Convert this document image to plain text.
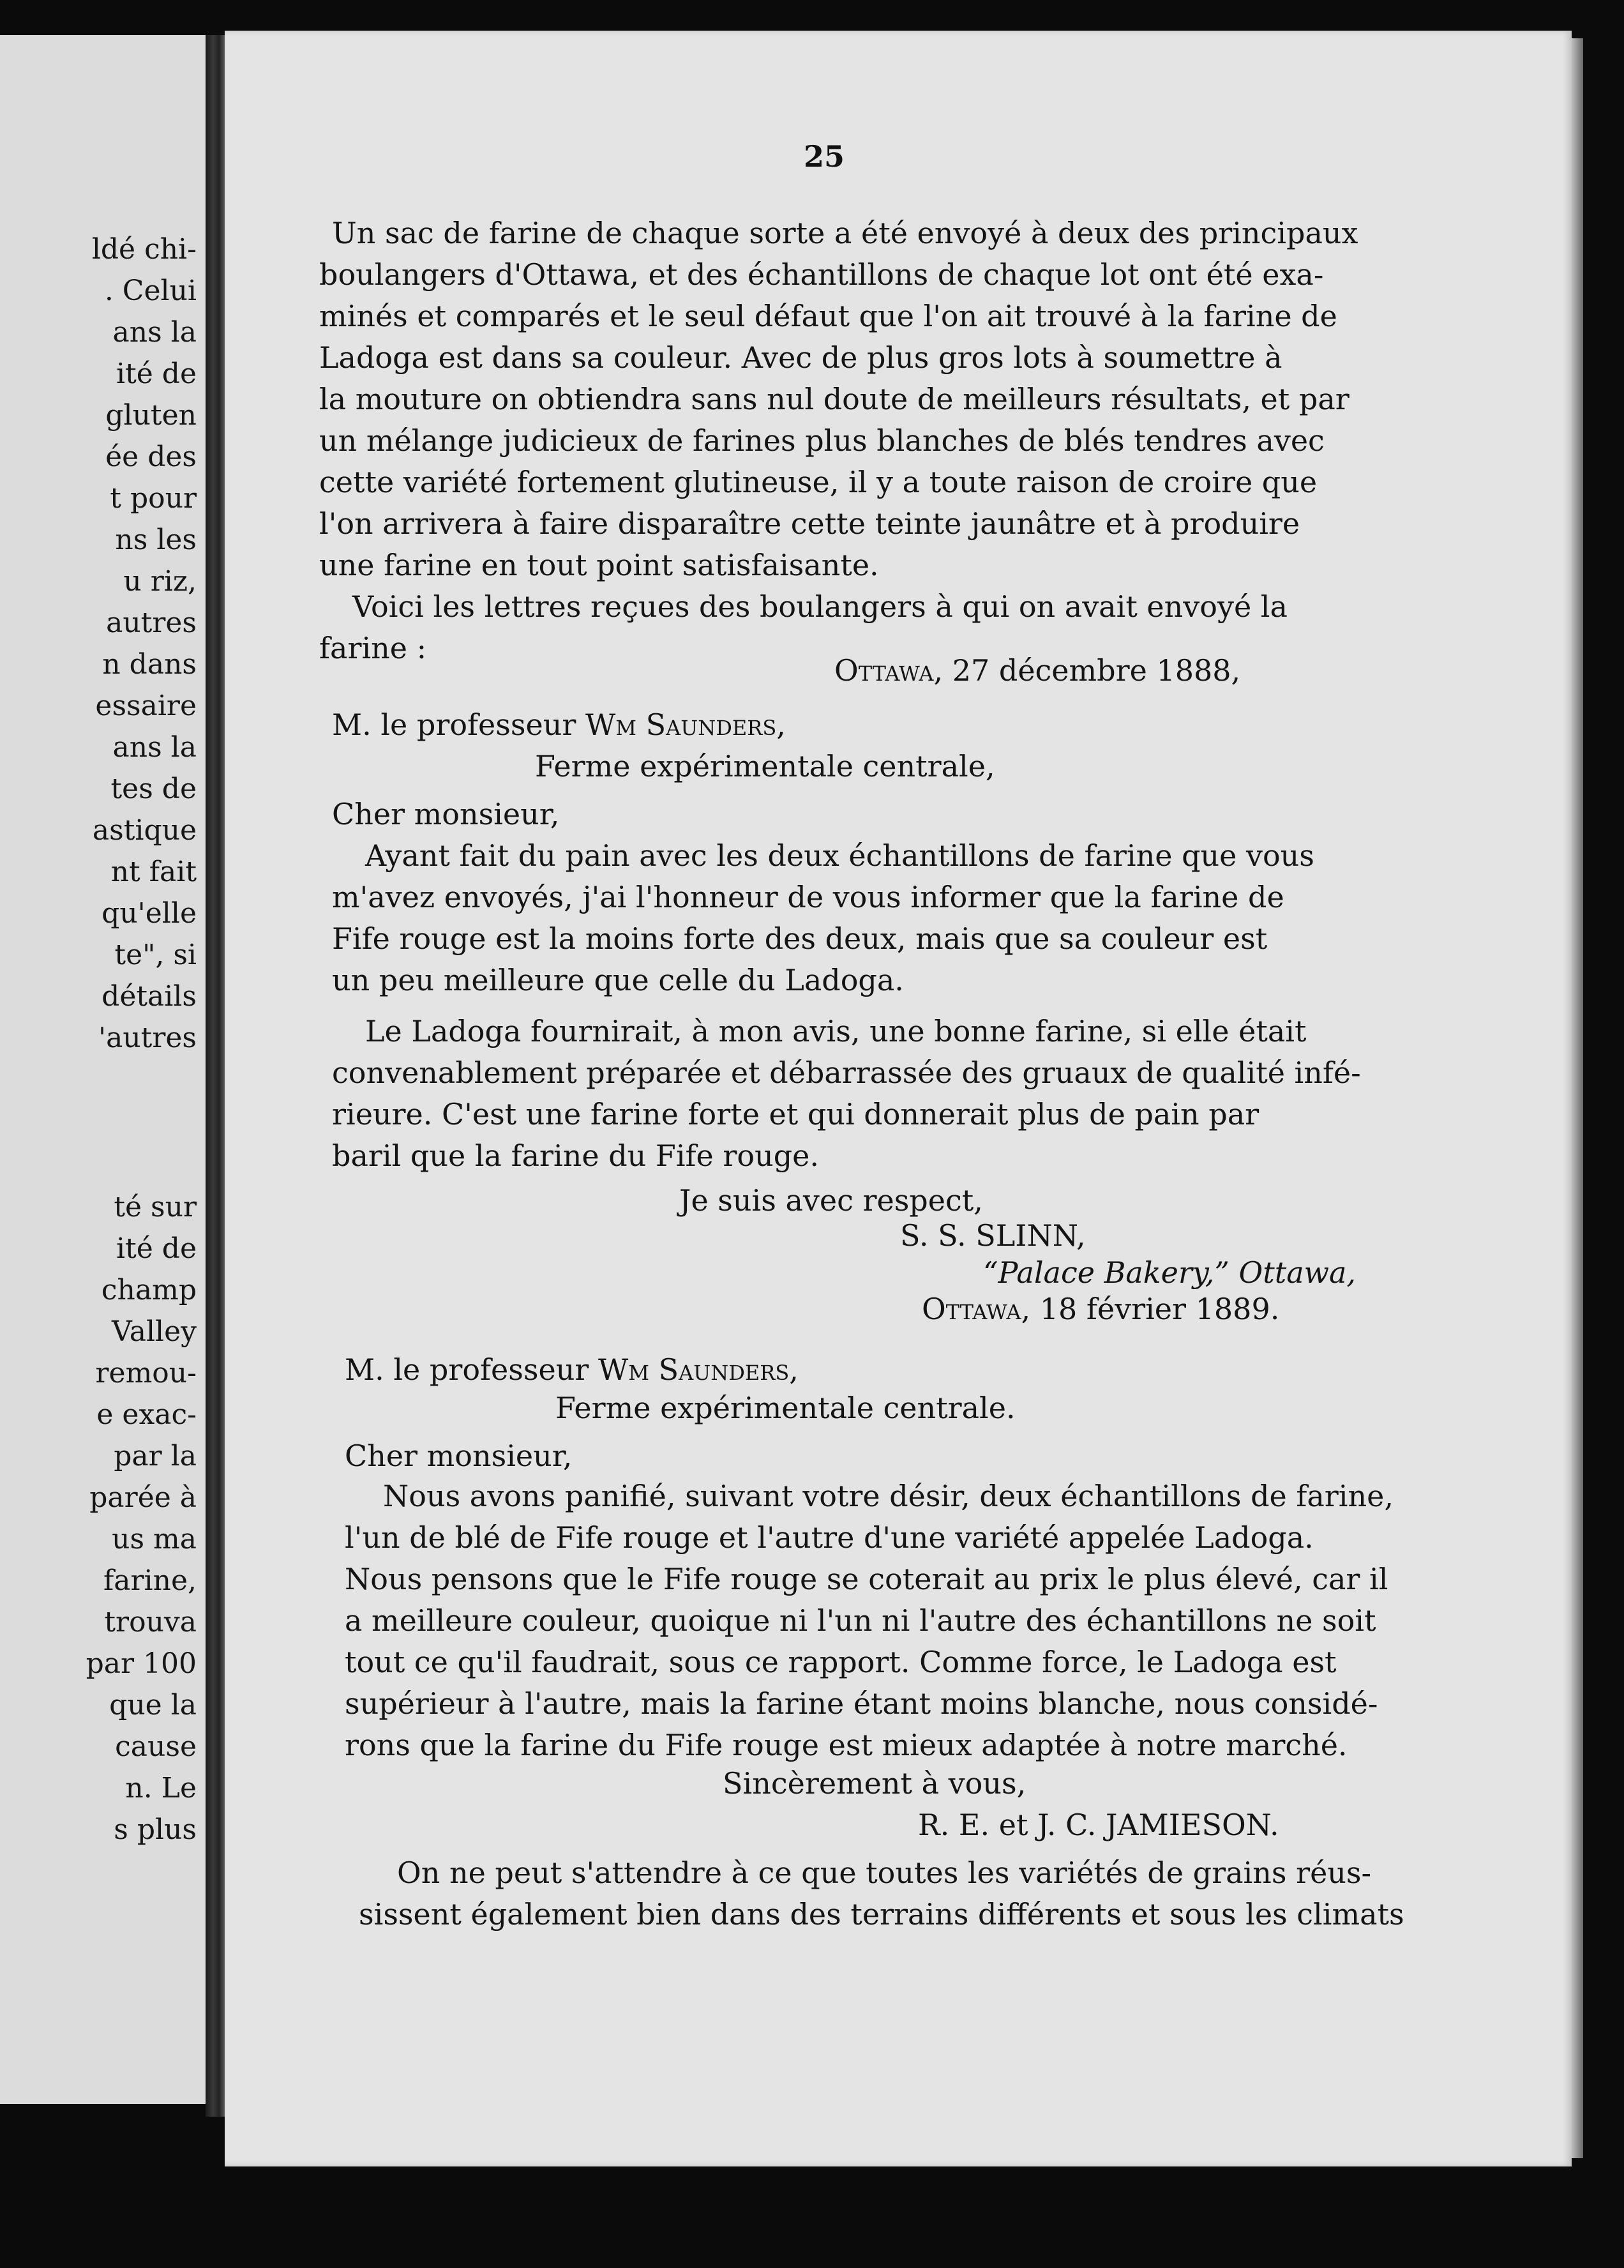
ldé chi-
. Celui
ans la
ité de
gluten
ée des
t pour
ns les
u riz,
autres
n dans
essaire
ans la
tes de
astique
nt fait
qu'elle
te", si
détails
'autres
té sur
ité de
champ
Valley
remou-
e exac-
par la
parée à
us ma
farine,
trouva
par 100
que la
cause
n. Le
s plus
25
Un sac de farine de chaque sorte a été envoyé à deux des principaux
boulangers d'Ottawa, et des échantillons de chaque lot ont été exa-
minés et comparés et le seul défaut que l'on ait trouvé à la farine de
Ladoga est dans sa couleur. Avec de plus gros lots à soumettre à
la mouture on obtiendra sans nul doute de meilleurs résultats, et par
un mélange judicieux de farines plus blanches de blés tendres avec
cette variété fortement glutineuse, il y a toute raison de croire que
l'on arrivera à faire disparaître cette teinte jaunâtre et à produire
une farine en tout point satisfaisante.
Voici les lettres reçues des boulangers à qui on avait envoyé la
farine :
Ottawa, 27 décembre 1888,
M. le professeur Wm Saunders,
Ferme expérimentale centrale,
Cher monsieur,
Ayant fait du pain avec les deux échantillons de farine que vous
m'avez envoyés, j'ai l'honneur de vous informer que la farine de
Fife rouge est la moins forte des deux, mais que sa couleur est
un peu meilleure que celle du Ladoga.
Le Ladoga fournirait, à mon avis, une bonne farine, si elle était
convenablement préparée et débarrassée des gruaux de qualité infé-
rieure. C'est une farine forte et qui donnerait plus de pain par
baril que la farine du Fife rouge.
Je suis avec respect,
S. S. SLINN,
“Palace Bakery,” Ottawa,
Ottawa, 18 février 1889.
M. le professeur Wm Saunders,
Ferme expérimentale centrale.
Cher monsieur,
Nous avons panifié, suivant votre désir, deux échantillons de farine,
l'un de blé de Fife rouge et l'autre d'une variété appelée Ladoga.
Nous pensons que le Fife rouge se coterait au prix le plus élevé, car il
a meilleure couleur, quoique ni l'un ni l'autre des échantillons ne soit
tout ce qu'il faudrait, sous ce rapport. Comme force, le Ladoga est
supérieur à l'autre, mais la farine étant moins blanche, nous considé-
rons que la farine du Fife rouge est mieux adaptée à notre marché.
Sincèrement à vous,
R. E. et J. C. JAMIESON.
On ne peut s'attendre à ce que toutes les variétés de grains réus-
sissent également bien dans des terrains différents et sous les climats
